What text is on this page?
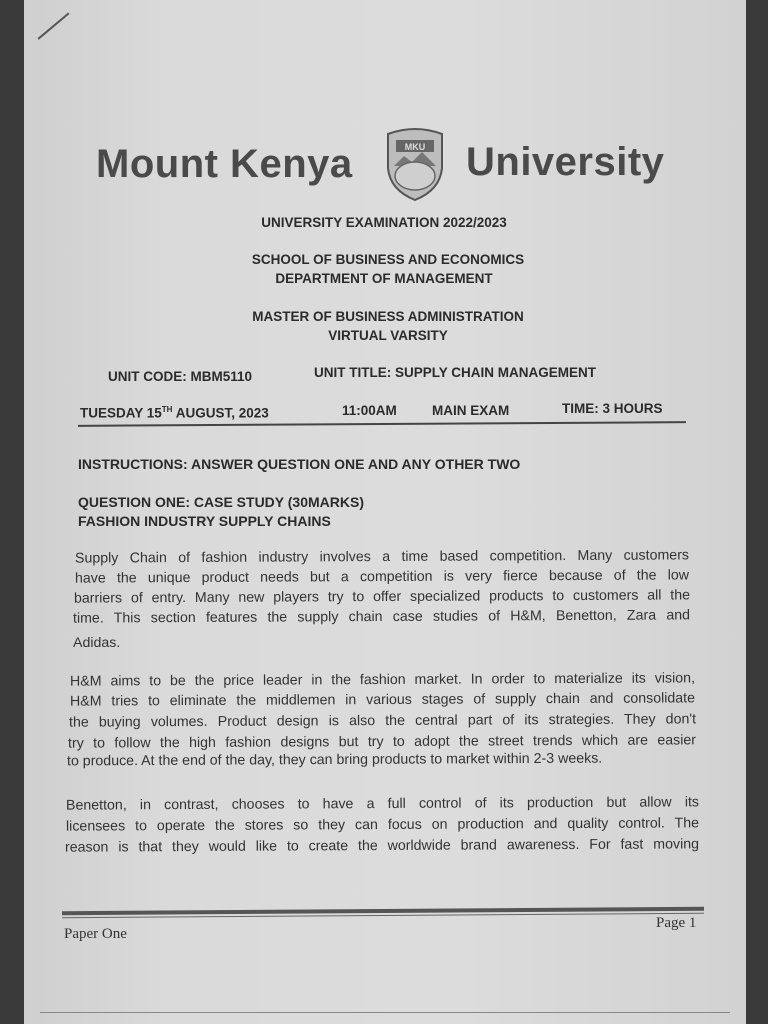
Mount Kenya	MKU University
UNIVERSITY EXAMINATION 2022/2023
SCHOOL OF BUSINESS AND ECONOMICS
DEPARTMENT OF MANAGEMENT
MASTER OF BUSINESS ADMINISTRATION
VIRTUAL VARSITY
UNIT CODE: MBM5110	UNIT TITLE: SUPPLY CHAIN MANAGEMENT
TUESDAY 15TH AUGUST, 2023	11:00AM	MAIN EXAM	TIME: 3 HOURS
INSTRUCTIONS: ANSWER QUESTION ONE AND ANY OTHER TWO
QUESTION ONE: CASE STUDY (30MARKS)
FASHION INDUSTRY SUPPLY CHAINS
Supply Chain of fashion industry involves a time based competition. Many customers
have the unique product needs but a competition is very fierce because of the low
barriers of entry. Many new players try to offer specialized products to customers all the
time. This section features the supply chain case studies of H&M, Benetton, Zara and
Adidas.
H&M aims to be the price leader in the fashion market. In order to materialize its vision,
H&M tries to eliminate the middlemen in various stages of supply chain and consolidate
the buying volumes. Product design is also the central part of its strategies. They don't
try to follow the high fashion designs but try to adopt the street trends which are easier
to produce. At the end of the day, they can bring products to market within 2-3 weeks.
Benetton, in contrast, chooses to have a full control of its production but allow its
licensees to operate the stores so they can focus on production and quality control. The
reason is that they would like to create the worldwide brand awareness. For fast moving
Paper One
Page 1
